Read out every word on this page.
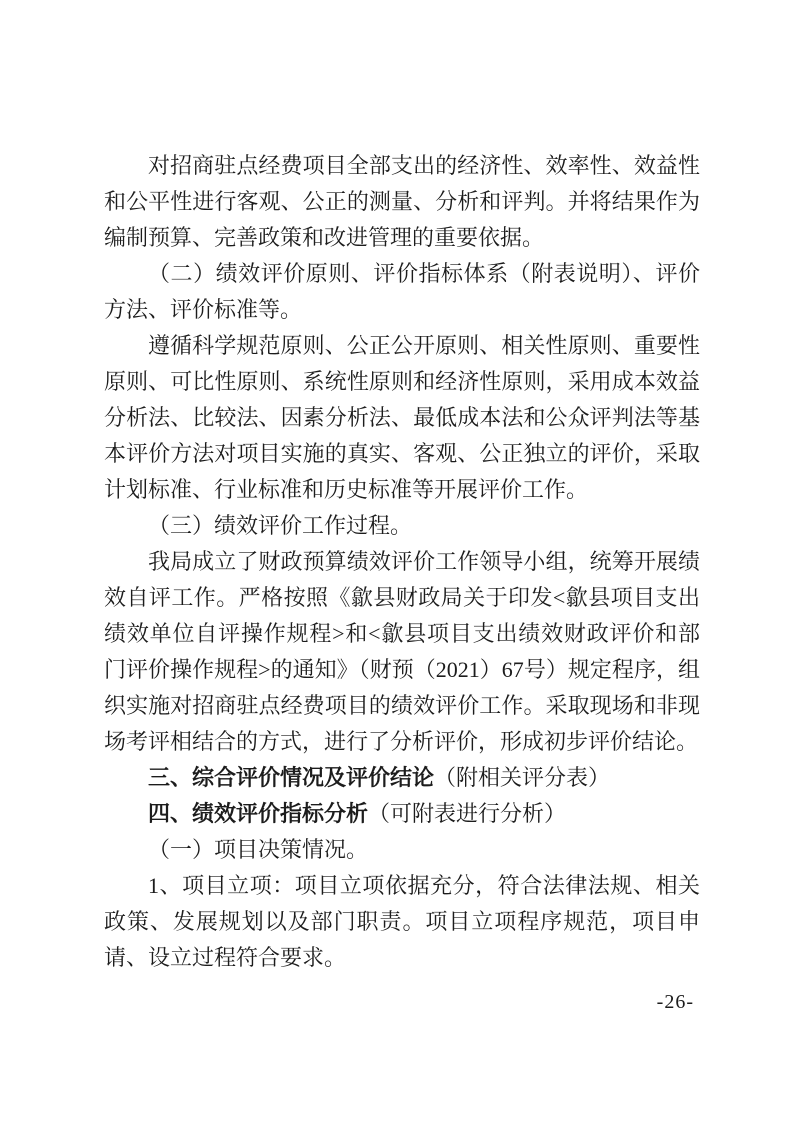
对招商驻点经费项目全部支出的经济性、效率性、效益性和公平性进行客观、公正的测量、分析和评判。并将结果作为编制预算、完善政策和改进管理的重要依据。

（二）绩效评价原则、评价指标体系（附表说明）、评价方法、评价标准等。

遵循科学规范原则、公正公开原则、相关性原则、重要性原则、可比性原则、系统性原则和经济性原则，采用成本效益分析法、比较法、因素分析法、最低成本法和公众评判法等基本评价方法对项目实施的真实、客观、公正独立的评价，采取计划标准、行业标准和历史标准等开展评价工作。

（三）绩效评价工作过程。

我局成立了财政预算绩效评价工作领导小组，统筹开展绩效自评工作。严格按照《歙县财政局关于印发<歙县项目支出绩效单位自评操作规程>和<歙县项目支出绩效财政评价和部门评价操作规程>的通知》（财预（2021）67号）规定程序，组织实施对招商驻点经费项目的绩效评价工作。采取现场和非现场考评相结合的方式，进行了分析评价，形成初步评价结论。

三、综合评价情况及评价结论（附相关评分表）

四、绩效评价指标分析（可附表进行分析）

（一）项目决策情况。

1、项目立项：项目立项依据充分，符合法律法规、相关政策、发展规划以及部门职责。项目立项程序规范，项目申请、设立过程符合要求。

-26-
